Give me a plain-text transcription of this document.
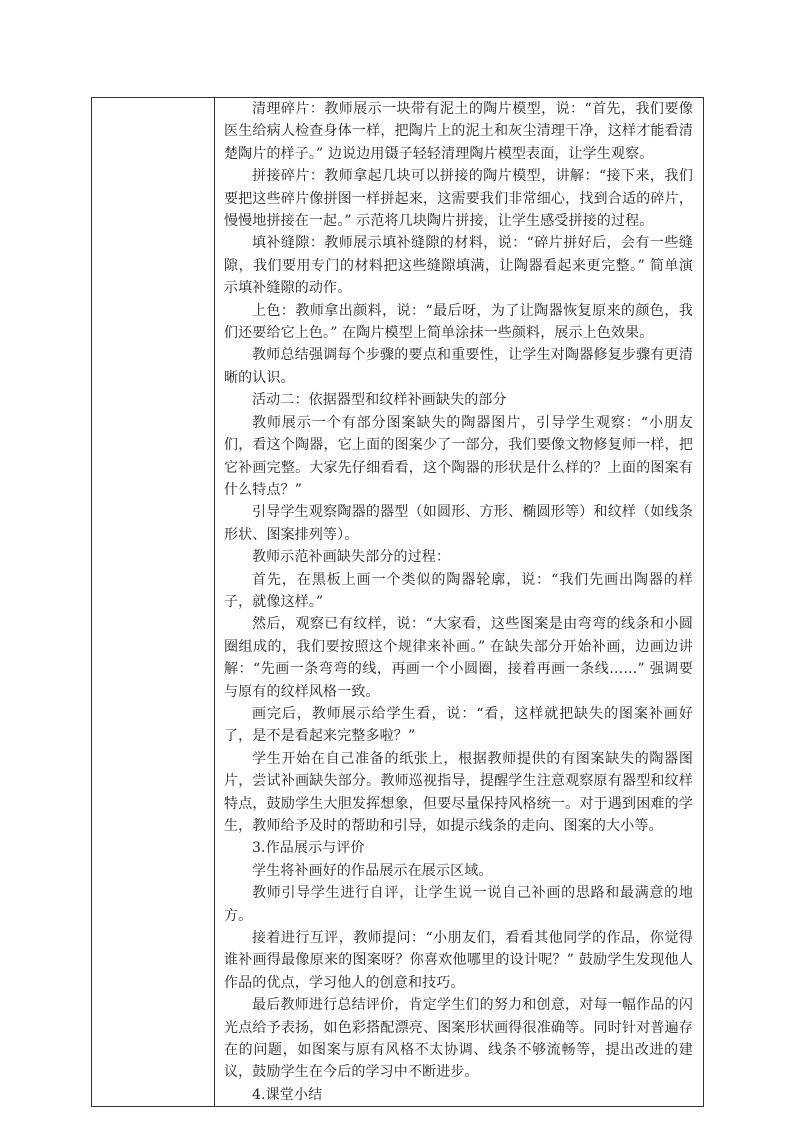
清理碎片：教师展示一块带有泥土的陶片模型，说：“首先，我们要像医生给病人检查身体一样，把陶片上的泥土和灰尘清理干净，这样才能看清楚陶片的样子。” 边说边用镊子轻轻清理陶片模型表面，让学生观察。

拼接碎片：教师拿起几块可以拼接的陶片模型，讲解：“接下来，我们要把这些碎片像拼图一样拼起来，这需要我们非常细心，找到合适的碎片，慢慢地拼接在一起。” 示范将几块陶片拼接，让学生感受拼接的过程。

填补缝隙：教师展示填补缝隙的材料，说：“碎片拼好后，会有一些缝隙，我们要用专门的材料把这些缝隙填满，让陶器看起来更完整。” 简单演示填补缝隙的动作。

上色：教师拿出颜料，说：“最后呀，为了让陶器恢复原来的颜色，我们还要给它上色。” 在陶片模型上简单涂抹一些颜料，展示上色效果。

教师总结强调每个步骤的要点和重要性，让学生对陶器修复步骤有更清晰的认识。

活动二：依据器型和纹样补画缺失的部分

教师展示一个有部分图案缺失的陶器图片，引导学生观察：“小朋友们，看这个陶器，它上面的图案少了一部分，我们要像文物修复师一样，把它补画完整。大家先仔细看看，这个陶器的形状是什么样的？上面的图案有什么特点？”

引导学生观察陶器的器型（如圆形、方形、椭圆形等）和纹样（如线条形状、图案排列等）。

教师示范补画缺失部分的过程：

首先，在黑板上画一个类似的陶器轮廓，说：“我们先画出陶器的样子，就像这样。”

然后，观察已有纹样，说：“大家看，这些图案是由弯弯的线条和小圆圈组成的，我们要按照这个规律来补画。” 在缺失部分开始补画，边画边讲解：“先画一条弯弯的线，再画一个小圆圈，接着再画一条线……” 强调要与原有的纹样风格一致。

画完后，教师展示给学生看，说：“看，这样就把缺失的图案补画好了，是不是看起来完整多啦？”

学生开始在自己准备的纸张上，根据教师提供的有图案缺失的陶器图片，尝试补画缺失部分。教师巡视指导，提醒学生注意观察原有器型和纹样特点，鼓励学生大胆发挥想象，但要尽量保持风格统一。对于遇到困难的学生，教师给予及时的帮助和引导，如提示线条的走向、图案的大小等。

3.作品展示与评价

学生将补画好的作品展示在展示区域。

教师引导学生进行自评，让学生说一说自己补画的思路和最满意的地方。

接着进行互评，教师提问：“小朋友们，看看其他同学的作品，你觉得谁补画得最像原来的图案呀？你喜欢他哪里的设计呢？” 鼓励学生发现他人作品的优点，学习他人的创意和技巧。

最后教师进行总结评价，肯定学生们的努力和创意，对每一幅作品的闪光点给予表扬，如色彩搭配漂亮、图案形状画得很准确等。同时针对普遍存在的问题，如图案与原有风格不太协调、线条不够流畅等，提出改进的建议，鼓励学生在今后的学习中不断进步。

4.课堂小结
